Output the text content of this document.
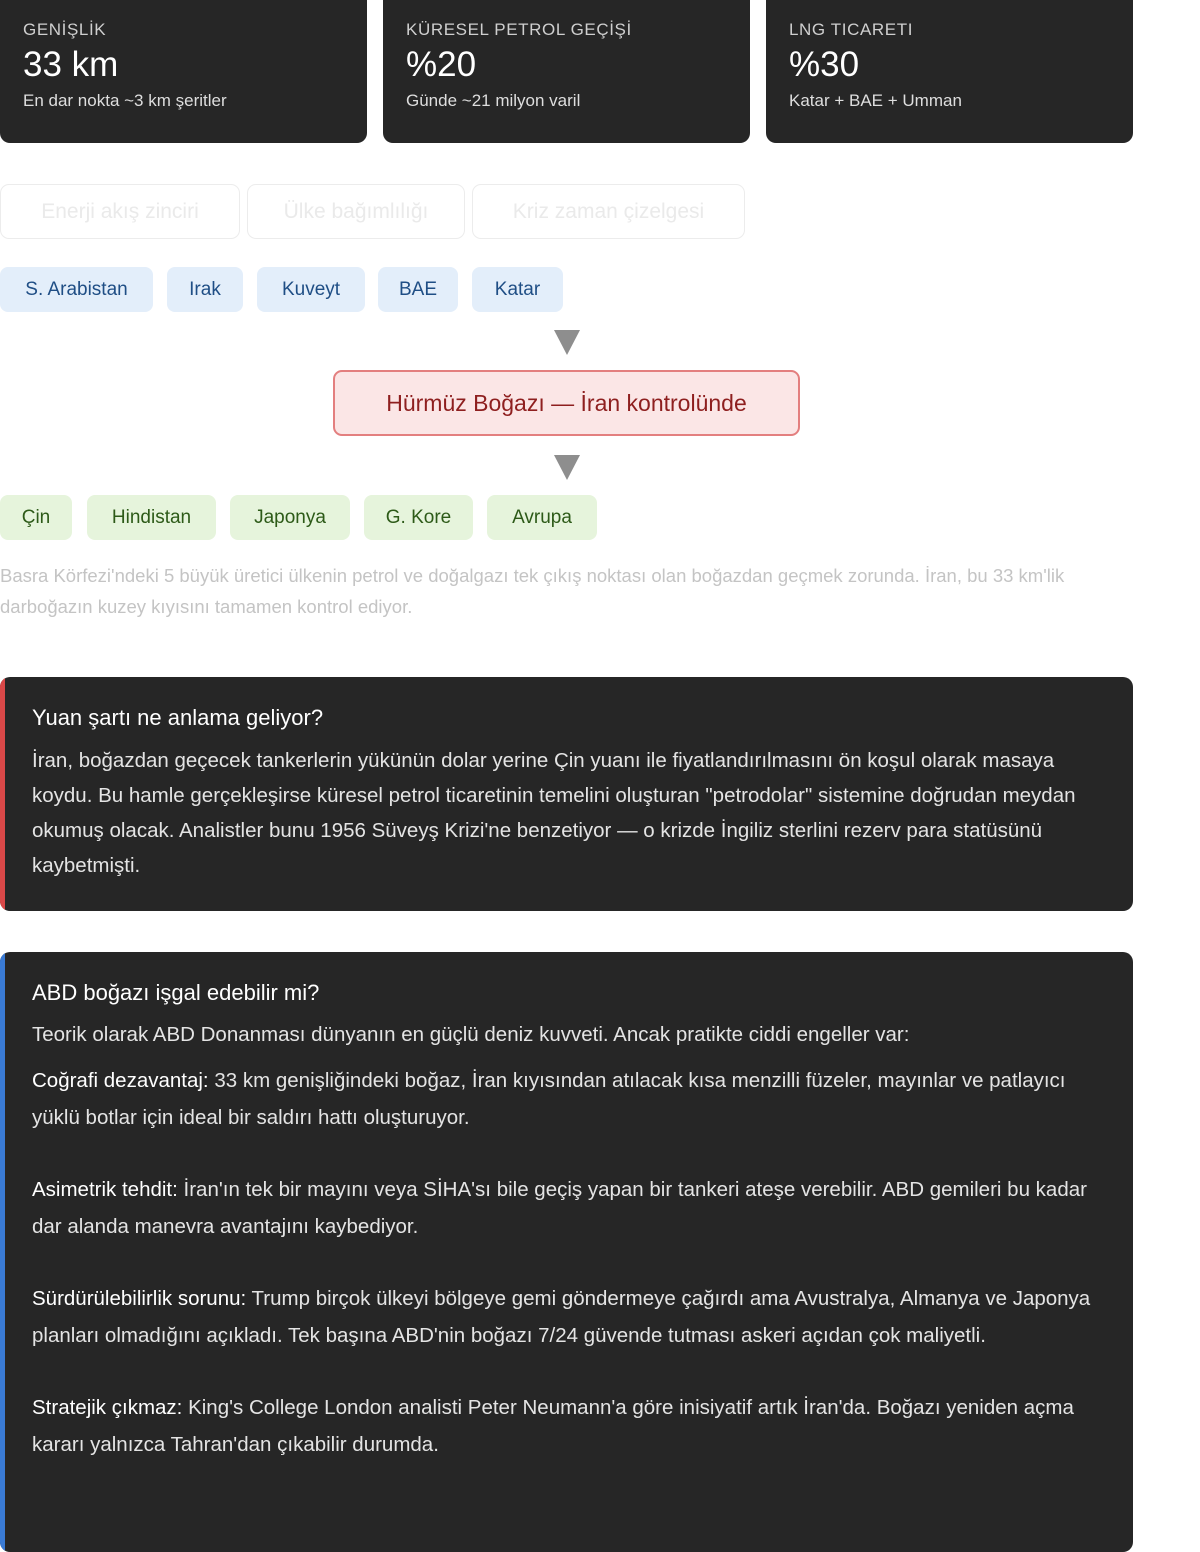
GENİŞLİK
33 km
En dar nokta ~3 km şeritler
KÜRESEL PETROL GEÇİŞİ
%20
Günde ~21 milyon varil
LNG TICARETI
%30
Katar + BAE + Umman
Enerji akış zinciri	Ülke bağımlılığı	Kriz zaman çizelgesi
S. Arabistan	Irak	Kuveyt	BAE	Katar
Hürmüz Boğazı — İran kontrolünde
Çin	Hindistan	Japonya	G. Kore	Avrupa
Basra Körfezi'ndeki 5 büyük üretici ülkenin petrol ve doğalgazı tek çıkış noktası olan boğazdan geçmek zorunda. İran, bu 33 km'lik darboğazın kuzey kıyısını tamamen kontrol ediyor.
Yuan şartı ne anlama geliyor?
İran, boğazdan geçecek tankerlerin yükünün dolar yerine Çin yuanı ile fiyatlandırılmasını ön koşul olarak masaya koydu. Bu hamle gerçekleşirse küresel petrol ticaretinin temelini oluşturan "petrodolar" sistemine doğrudan meydan okumuş olacak. Analistler bunu 1956 Süveyş Krizi'ne benzetiyor — o krizde İngiliz sterlini rezerv para statüsünü kaybetmişti.
ABD boğazı işgal edebilir mi?
Teorik olarak ABD Donanması dünyanın en güçlü deniz kuvveti. Ancak pratikte ciddi engeller var:
Coğrafi dezavantaj: 33 km genişliğindeki boğaz, İran kıyısından atılacak kısa menzilli füzeler, mayınlar ve patlayıcı yüklü botlar için ideal bir saldırı hattı oluşturuyor.
Asimetrik tehdit: İran'ın tek bir mayını veya SİHA'sı bile geçiş yapan bir tankeri ateşe verebilir. ABD gemileri bu kadar dar alanda manevra avantajını kaybediyor.
Sürdürülebilirlik sorunu: Trump birçok ülkeyi bölgeye gemi göndermeye çağırdı ama Avustralya, Almanya ve Japonya planları olmadığını açıkladı. Tek başına ABD'nin boğazı 7/24 güvende tutması askeri açıdan çok maliyetli.
Stratejik çıkmaz: King's College London analisti Peter Neumann'a göre inisiyatif artık İran'da. Boğazı yeniden açma kararı yalnızca Tahran'dan çıkabilir durumda.
